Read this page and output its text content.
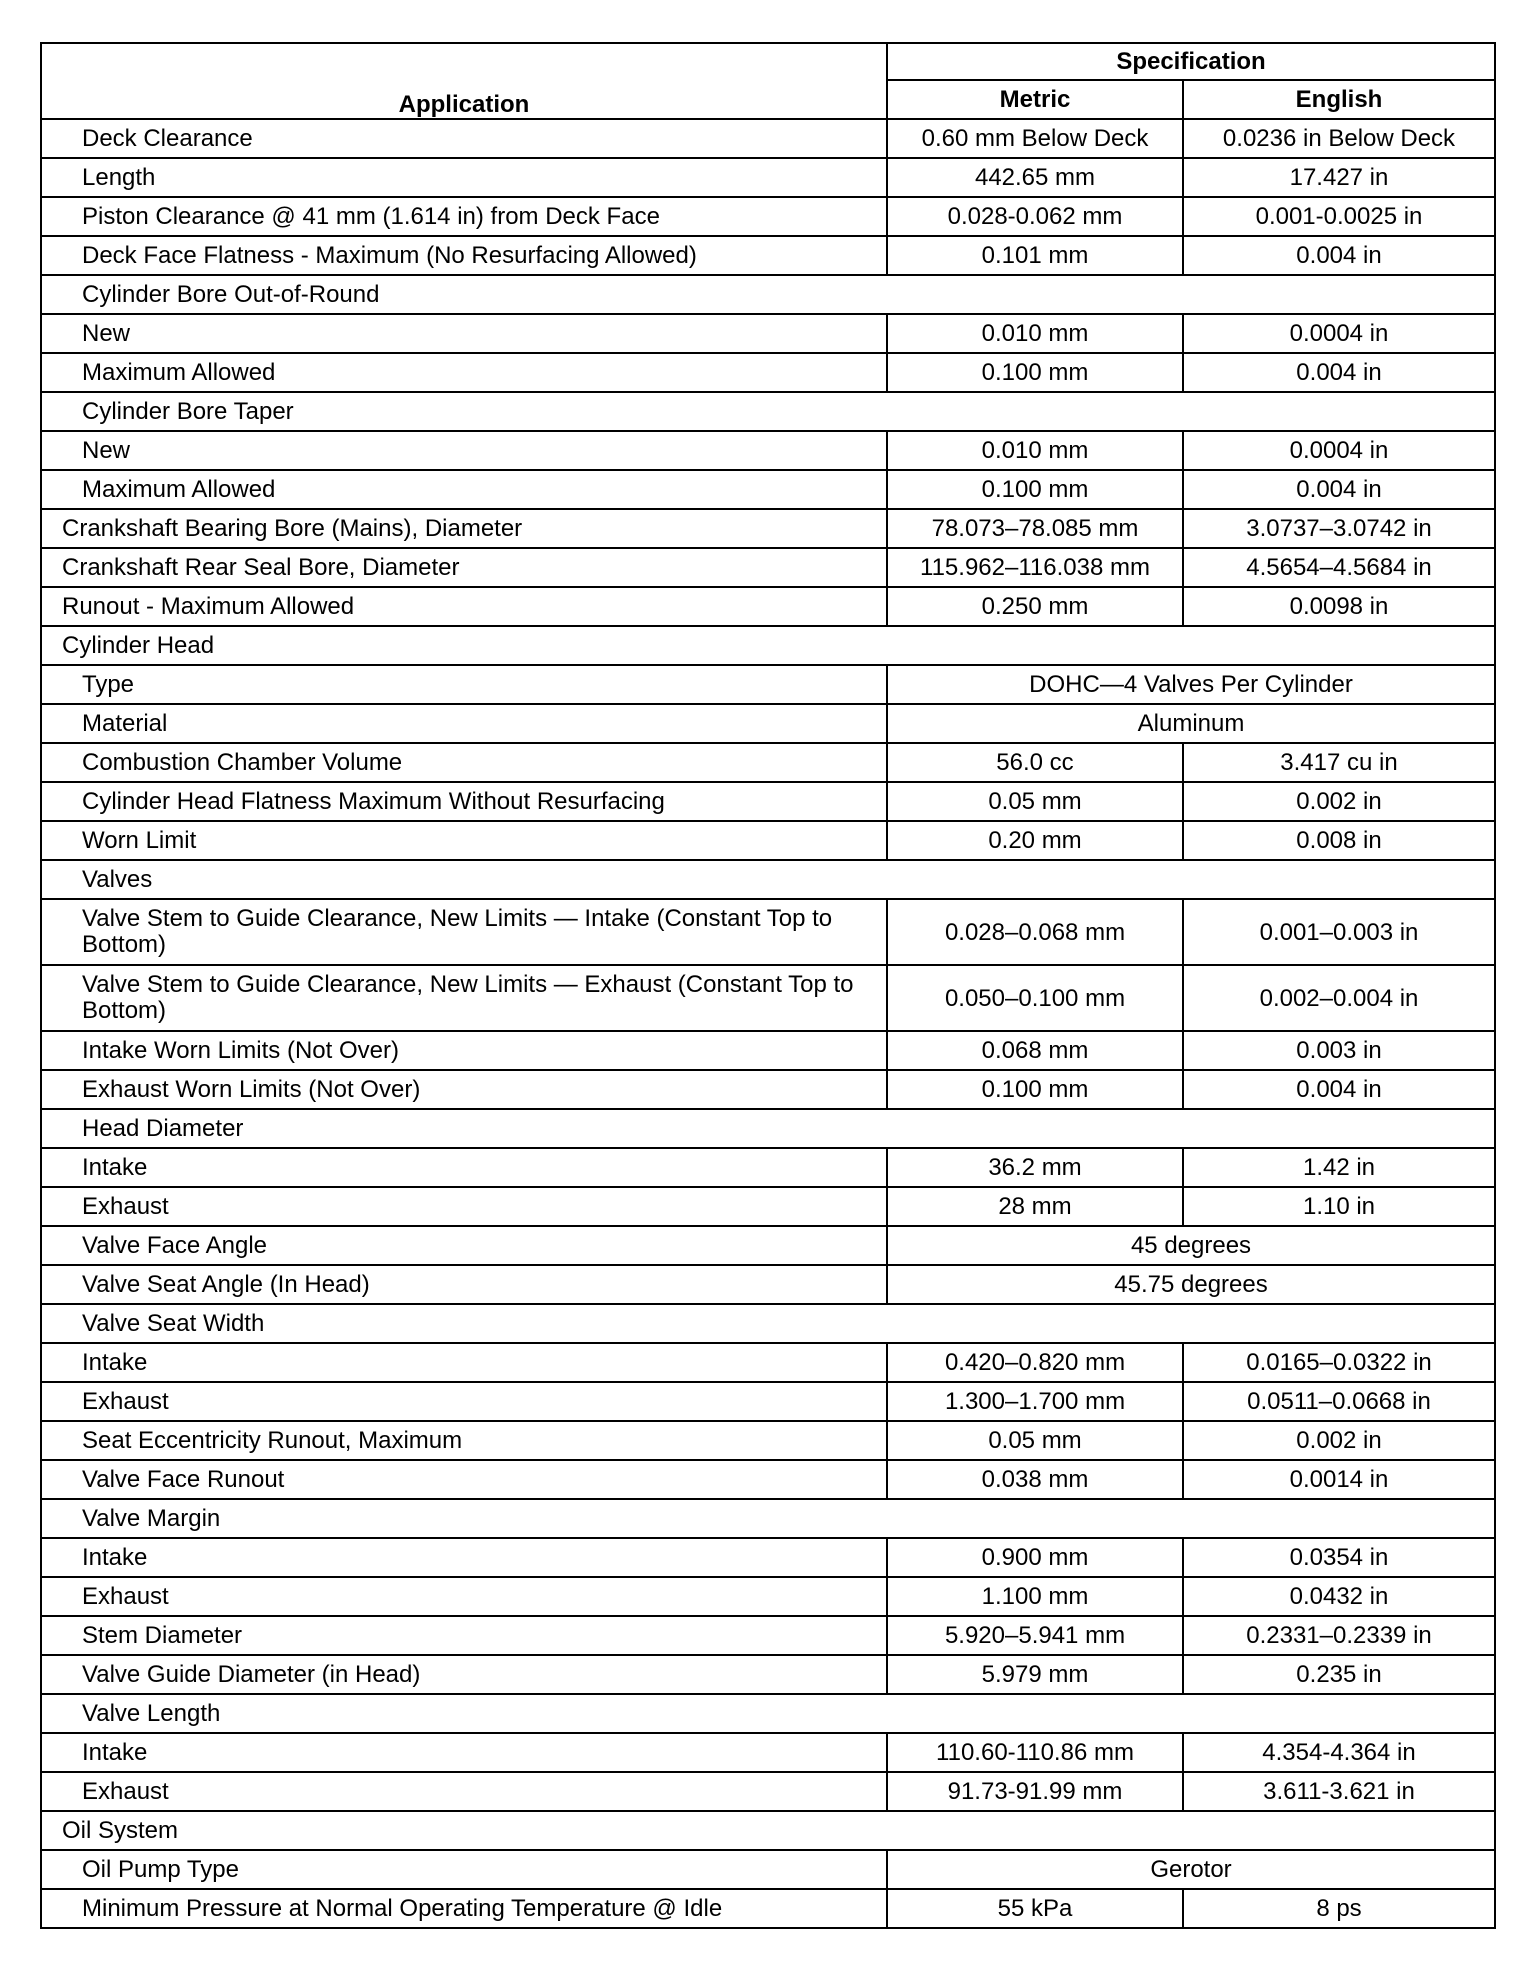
Application	Specification	
	Metric	English
Deck Clearance	0.60 mm Below Deck	0.0236 in Below Deck
Length	442.65 mm	17.427 in
Piston Clearance @ 41 mm (1.614 in) from Deck Face	0.028-0.062 mm	0.001-0.0025 in
Deck Face Flatness - Maximum (No Resurfacing Allowed)	0.101 mm	0.004 in
Cylinder Bore Out-of-Round		
New	0.010 mm	0.0004 in
Maximum Allowed	0.100 mm	0.004 in
Cylinder Bore Taper		
New	0.010 mm	0.0004 in
Maximum Allowed	0.100 mm	0.004 in
Crankshaft Bearing Bore (Mains), Diameter	78.073–78.085 mm	3.0737–3.0742 in
Crankshaft Rear Seal Bore, Diameter	115.962–116.038 mm	4.5654–4.5684 in
Runout - Maximum Allowed	0.250 mm	0.0098 in
Cylinder Head		
Type	DOHC—4 Valves Per Cylinder	
Material	Aluminum	
Combustion Chamber Volume	56.0 cc	3.417 cu in
Cylinder Head Flatness Maximum Without Resurfacing	0.05 mm	0.002 in
Worn Limit	0.20 mm	0.008 in
Valves		
Valve Stem to Guide Clearance, New Limits — Intake (Constant Top to Bottom)	0.028–0.068 mm	0.001–0.003 in
Valve Stem to Guide Clearance, New Limits — Exhaust (Constant Top to Bottom)	0.050–0.100 mm	0.002–0.004 in
Intake Worn Limits (Not Over)	0.068 mm	0.003 in
Exhaust Worn Limits (Not Over)	0.100 mm	0.004 in
Head Diameter		
Intake	36.2 mm	1.42 in
Exhaust	28 mm	1.10 in
Valve Face Angle	45 degrees	
Valve Seat Angle (In Head)	45.75 degrees	
Valve Seat Width		
Intake	0.420–0.820 mm	0.0165–0.0322 in
Exhaust	1.300–1.700 mm	0.0511–0.0668 in
Seat Eccentricity Runout, Maximum	0.05 mm	0.002 in
Valve Face Runout	0.038 mm	0.0014 in
Valve Margin		
Intake	0.900 mm	0.0354 in
Exhaust	1.100 mm	0.0432 in
Stem Diameter	5.920–5.941 mm	0.2331–0.2339 in
Valve Guide Diameter (in Head)	5.979 mm	0.235 in
Valve Length		
Intake	110.60-110.86 mm	4.354-4.364 in
Exhaust	91.73-91.99 mm	3.611-3.621 in
Oil System		
Oil Pump Type	Gerotor	
Minimum Pressure at Normal Operating Temperature @ Idle	55 kPa	8 ps
